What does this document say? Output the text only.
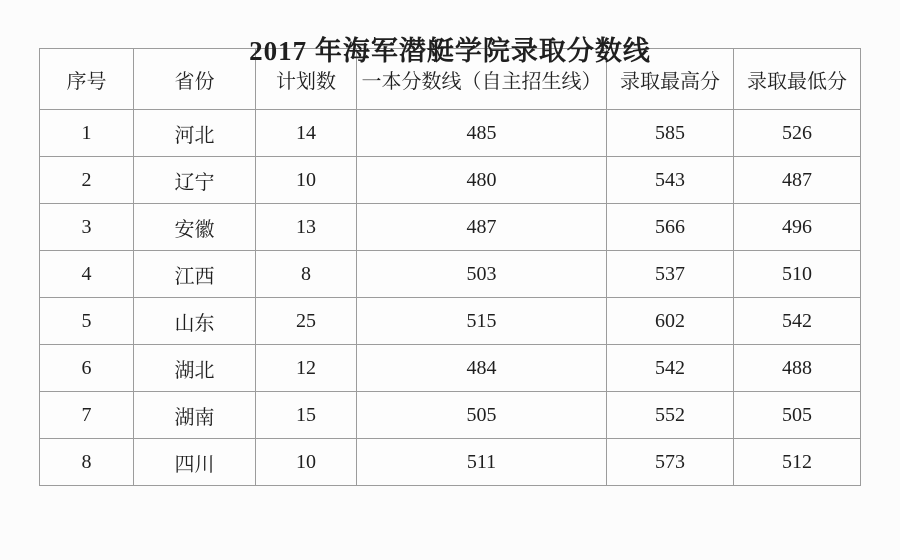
2017 年海军潜艇学院录取分数线
序号	省份	计划数	一本分数线（自主招生线）	录取最高分	录取最低分
1	河北	14	485	585	526
2	辽宁	10	480	543	487
3	安徽	13	487	566	496
4	江西	8	503	537	510
5	山东	25	515	602	542
6	湖北	12	484	542	488
7	湖南	15	505	552	505
8	四川	10	511	573	512
